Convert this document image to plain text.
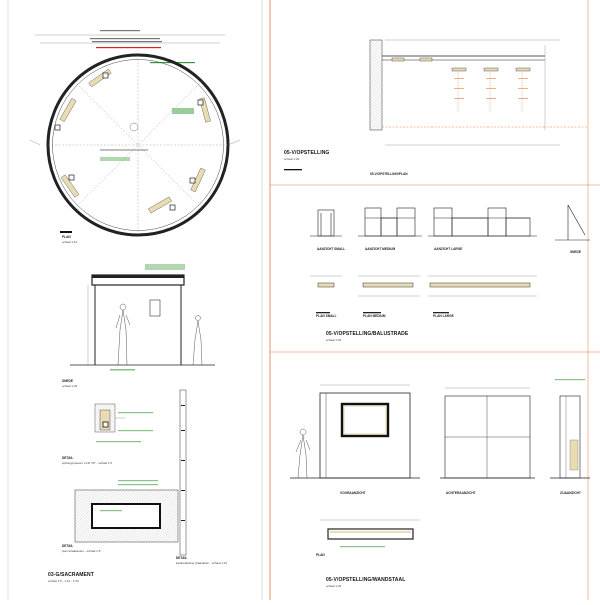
PLAN
schaal 1:10
SNEDE
schaal 1:20
DETAIL
ophangsysteem LCD / B* - schaal 1:5
DETAIL
plan draaikasten - schaal 1:5
DETAIL
kastbekleding draaidelen - schaal 1:10
03-G/SACRAMENT
schaal 1:5 - 1:10 - 1:20
05-V/OPSTELLING
schaal 1:20
05-V/OPSTELLING/PLAN
AANZICHT SMALL	AANZICHT MEDIUM	AANZICHT LARGE
SNEDE
PLAN SMALL	PLAN MEDIUM	PLAN LARGE
05-V/OPSTELLING/BALUSTRADE
schaal 1:20
VOORAANZICHT	ACHTERAANZICHT	ZIJAANZICHT
PLAN
05-V/OPSTELLING/WANDSTAAL
schaal 1:20
